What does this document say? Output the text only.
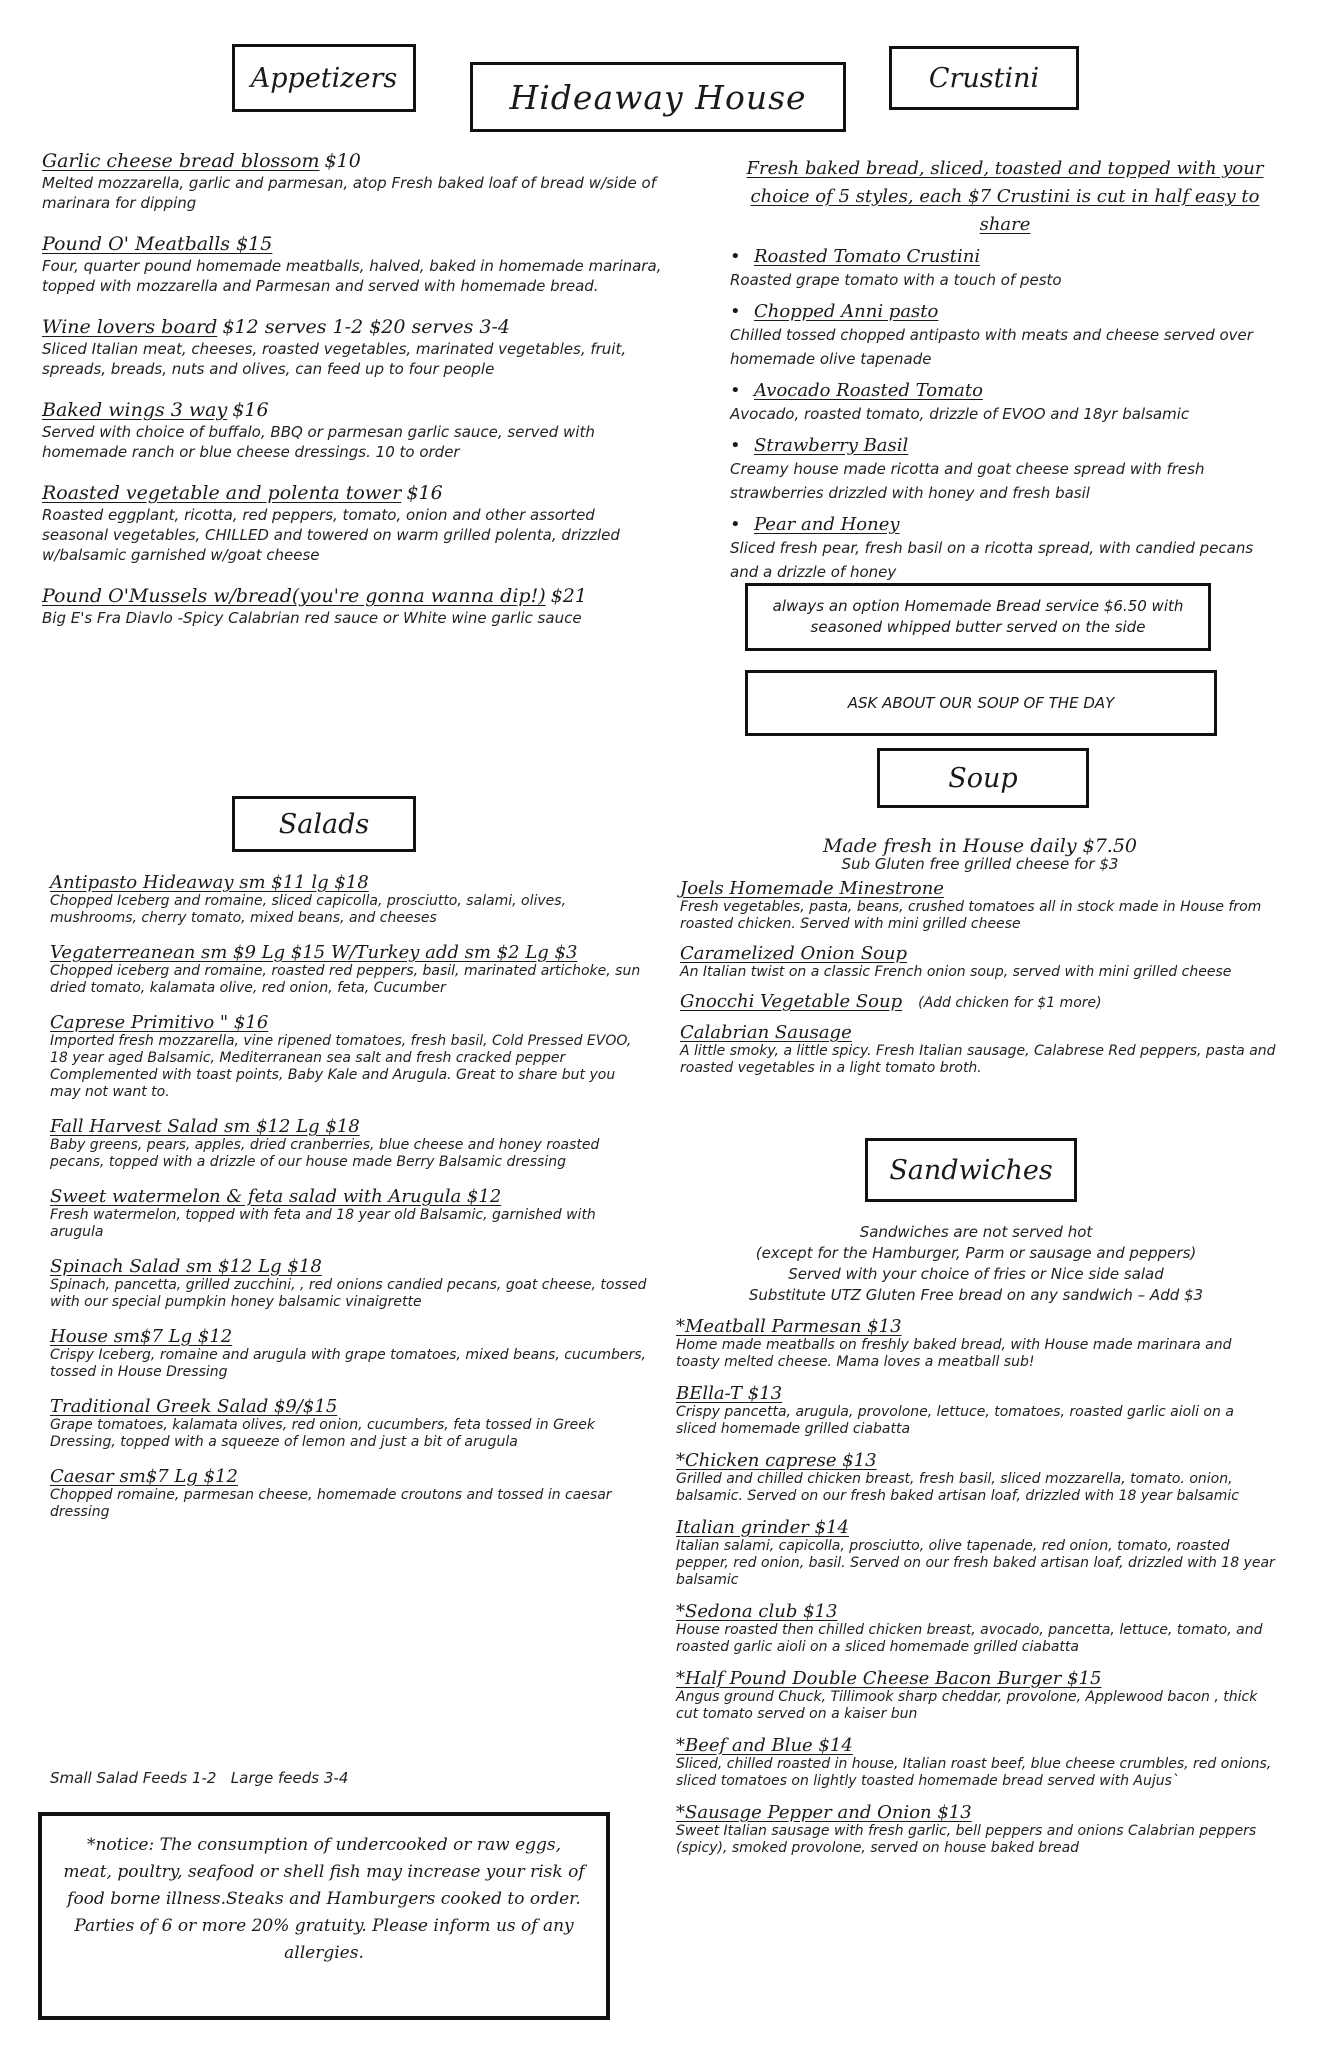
Appetizers	Hideaway House	Crustini
Garlic cheese bread blossom $10
Melted mozzarella, garlic and parmesan, atop Fresh baked loaf of bread w/side of marinara for dipping
Pound O' Meatballs $15
Four, quarter pound homemade meatballs, halved, baked in homemade marinara, topped with mozzarella and Parmesan and served with homemade bread.
Wine lovers board $12 serves 1-2 $20 serves 3-4
Sliced Italian meat, cheeses, roasted vegetables, marinated vegetables, fruit, spreads, breads, nuts and olives, can feed up to four people
Baked wings 3 way $16
Served with choice of buffalo, BBQ or parmesan garlic sauce, served with homemade ranch or blue cheese dressings. 10 to order
Roasted vegetable and polenta tower $16
Roasted eggplant, ricotta, red peppers, tomato, onion and other assorted seasonal vegetables, CHILLED and towered on warm grilled polenta, drizzled w/balsamic garnished w/goat cheese
Pound O'Mussels w/bread(you're gonna wanna dip!) $21
Big E's Fra Diavlo -Spicy Calabrian red sauce or White wine garlic sauce
Fresh baked bread, sliced, toasted and topped with your choice of 5 styles, each $7 Crustini is cut in half easy to share
• Roasted Tomato Crustini
Roasted grape tomato with a touch of pesto
• Chopped Anni pasto
Chilled tossed chopped antipasto with meats and cheese served over homemade olive tapenade
• Avocado Roasted Tomato
Avocado, roasted tomato, drizzle of EVOO and 18yr balsamic
• Strawberry Basil
Creamy house made ricotta and goat cheese spread with fresh strawberries drizzled with honey and fresh basil
• Pear and Honey
Sliced fresh pear, fresh basil on a ricotta spread, with candied pecans and a drizzle of honey
always an option Homemade Bread service $6.50 with seasoned whipped butter served on the side
ASK ABOUT OUR SOUP OF THE DAY
Soup
Salads
Antipasto Hideaway sm $11 lg $18
Chopped Iceberg and romaine, sliced capicolla, prosciutto, salami, olives, mushrooms, cherry tomato, mixed beans, and cheeses
Vegaterreanean sm $9 Lg $15 W/Turkey add sm $2 Lg $3
Chopped iceberg and romaine, roasted red peppers, basil, marinated artichoke, sun dried tomato, kalamata olive, red onion, feta, Cucumber
Caprese Primitivo " $16
Imported fresh mozzarella, vine ripened tomatoes, fresh basil, Cold Pressed EVOO, 18 year aged Balsamic, Mediterranean sea salt and fresh cracked pepper Complemented with toast points, Baby Kale and Arugula. Great to share but you may not want to.
Fall Harvest Salad sm $12 Lg $18
Baby greens, pears, apples, dried cranberries, blue cheese and honey roasted pecans, topped with a drizzle of our house made Berry Balsamic dressing
Sweet watermelon & feta salad with Arugula $12
Fresh watermelon, topped with feta and 18 year old Balsamic, garnished with arugula
Spinach Salad sm $12 Lg $18
Spinach, pancetta, grilled zucchini, , red onions candied pecans, goat cheese, tossed with our special pumpkin honey balsamic vinaigrette
House sm$7 Lg $12
Crispy Iceberg, romaine and arugula with grape tomatoes, mixed beans, cucumbers, tossed in House Dressing
Traditional Greek Salad $9/$15
Grape tomatoes, kalamata olives, red onion, cucumbers, feta tossed in Greek Dressing, topped with a squeeze of lemon and just a bit of arugula
Caesar sm$7 Lg $12
Chopped romaine, parmesan cheese, homemade croutons and tossed in caesar dressing
Small Salad Feeds 1-2   Large feeds 3-4
Made fresh in House daily $7.50
Sub Gluten free grilled cheese for $3
Joels Homemade Minestrone
Fresh vegetables, pasta, beans, crushed tomatoes all in stock made in House from roasted chicken. Served with mini grilled cheese
Caramelized Onion Soup
An Italian twist on a classic French onion soup, served with mini grilled cheese
Gnocchi Vegetable Soup (Add chicken for $1 more)
Calabrian Sausage
A little smoky, a little spicy. Fresh Italian sausage, Calabrese Red peppers, pasta and roasted vegetables in a light tomato broth.
Sandwiches
Sandwiches are not served hot
(except for the Hamburger, Parm or sausage and peppers)
Served with your choice of fries or Nice side salad
Substitute UTZ Gluten Free bread on any sandwich – Add $3
*Meatball Parmesan $13
Home made meatballs on freshly baked bread, with House made marinara and toasty melted cheese. Mama loves a meatball sub!
BElla-T $13
Crispy pancetta, arugula, provolone, lettuce, tomatoes, roasted garlic aioli on a sliced homemade grilled ciabatta
*Chicken caprese $13
Grilled and chilled chicken breast, fresh basil, sliced mozzarella, tomato. onion, balsamic. Served on our fresh baked artisan loaf, drizzled with 18 year balsamic
Italian grinder $14
Italian salami, capicolla, prosciutto, olive tapenade, red onion, tomato, roasted pepper, red onion, basil. Served on our fresh baked artisan loaf, drizzled with 18 year balsamic
*Sedona club $13
House roasted then chilled chicken breast, avocado, pancetta, lettuce, tomato, and roasted garlic aioli on a sliced homemade grilled ciabatta
*Half Pound Double Cheese Bacon Burger $15
Angus ground Chuck, Tillimook sharp cheddar, provolone, Applewood bacon , thick cut tomato served on a kaiser bun
*Beef and Blue $14
Sliced, chilled roasted in house, Italian roast beef, blue cheese crumbles, red onions, sliced tomatoes on lightly toasted homemade bread served with Aujus`
*Sausage Pepper and Onion $13
Sweet Italian sausage with fresh garlic, bell peppers and onions Calabrian peppers (spicy), smoked provolone, served on house baked bread
*notice: The consumption of undercooked or raw eggs, meat, poultry, seafood or shell fish may increase your risk of food borne illness.Steaks and Hamburgers cooked to order. Parties of 6 or more 20% gratuity. Please inform us of any allergies.
